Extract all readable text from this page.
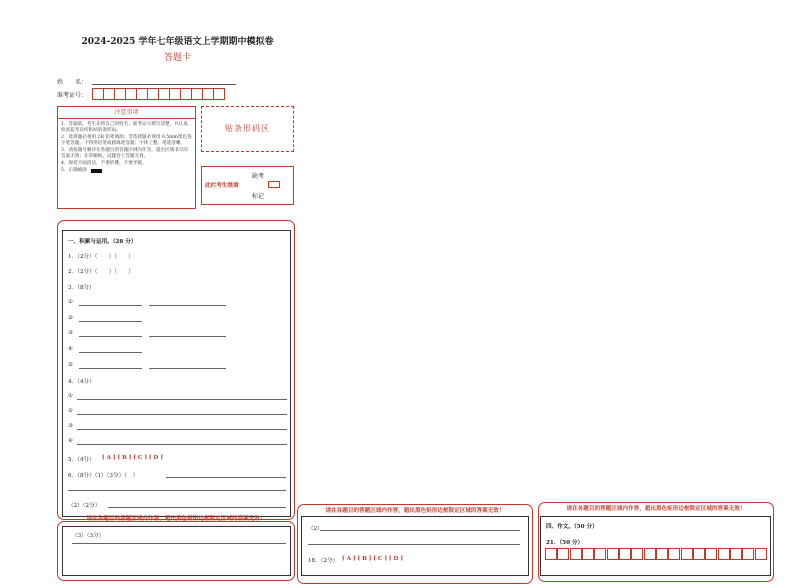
2024-2025 学年七年级语文上学期期中模拟卷
答题卡
姓　　名：
准考证号：
注意事项
1．答题前，考生先将自己的姓名、准考证号填写清楚，并认真检查监考员所粘贴的条形码。
2．选择题必须用 2B 铅笔填涂；非选择题必须用 0.5mm黑色签字笔答题，不得用铅笔或圆珠笔答题；字体工整、笔迹清晰。
3．请按题号顺序在各题目的答题区域内作答，超出区域书写的答案无效；在草稿纸、试题卷上答题无效。
4．保持卡面清洁，不要折叠、不要弄破。
5．正确填涂
贴条形码区
缺考
此栏考生禁填
标记
一、积累与运用。（28 分）
1．（2分）（　　）（　　）
2．（2分）（　　）（　　）
3．（8分）
①
②
③
④
⑤
4．（4分）
①
②
③
④
5．（4分） [ A ] [ B ] [ C ] [ D ]
6．（8分）（1）（3分）（　）
（2）（2分）
请在各题目的答题区域内作答，超出黑色矩形边框限定区域的答案无效！
（3）（3分）
请在各题目的答题区域内作答，超出黑色矩形边框限定区域的答案无效！
（2）
18．（2分） [ A ] [ B ] [ C ] [ D ]
请在各题目的答题区域内作答，超出黑色矩形边框限定区域的答案无效！
四、作文。（50 分）
21．（50 分）
